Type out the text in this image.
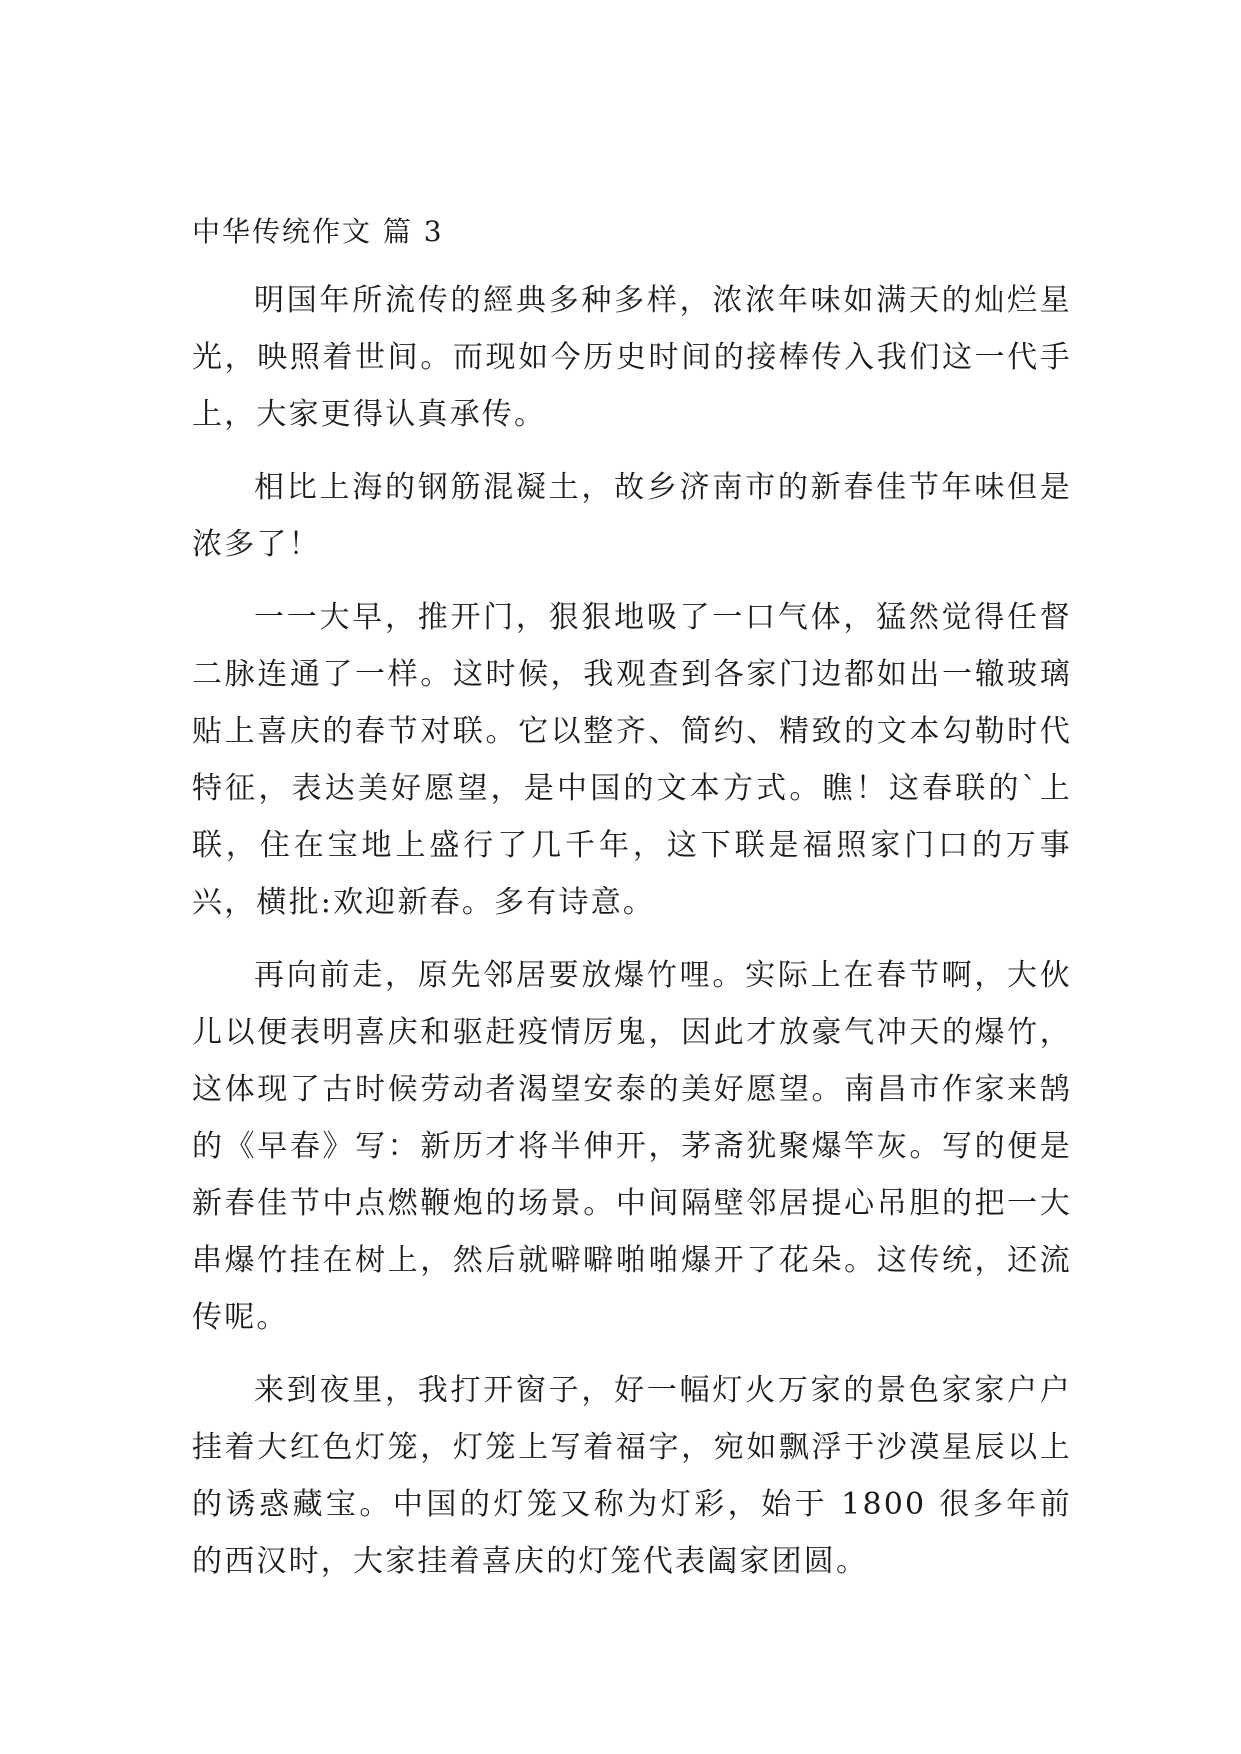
中华传统作文 篇 3

明国年所流传的經典多种多样，浓浓年味如满天的灿烂星光，映照着世间。而现如今历史时间的接棒传入我们这一代手上，大家更得认真承传。

相比上海的钢筋混凝土，故乡济南市的新春佳节年味但是浓多了！

一一大早，推开门，狠狠地吸了一口气体，猛然觉得任督二脉连通了一样。这时候，我观查到各家门边都如出一辙玻璃贴上喜庆的春节对联。它以整齐、简约、精致的文本勾勒时代特征，表达美好愿望，是中国的文本方式。瞧！这春联的`上联，住在宝地上盛行了几千年，这下联是福照家门口的万事兴，横批:欢迎新春。多有诗意。

再向前走，原先邻居要放爆竹哩。实际上在春节啊，大伙儿以便表明喜庆和驱赶疫情厉鬼，因此才放豪气冲天的爆竹，这体现了古时候劳动者渴望安泰的美好愿望。南昌市作家来鹄的《早春》写：新历才将半伸开，茅斋犹聚爆竿灰。写的便是新春佳节中点燃鞭炮的场景。中间隔壁邻居提心吊胆的把一大串爆竹挂在树上，然后就噼噼啪啪爆开了花朵。这传统，还流传呢。

来到夜里，我打开窗子，好一幅灯火万家的景色家家户户挂着大红色灯笼，灯笼上写着福字，宛如飘浮于沙漠星辰以上的诱惑藏宝。中国的灯笼又称为灯彩，始于 1800 很多年前的西汉时，大家挂着喜庆的灯笼代表阖家团圆。
